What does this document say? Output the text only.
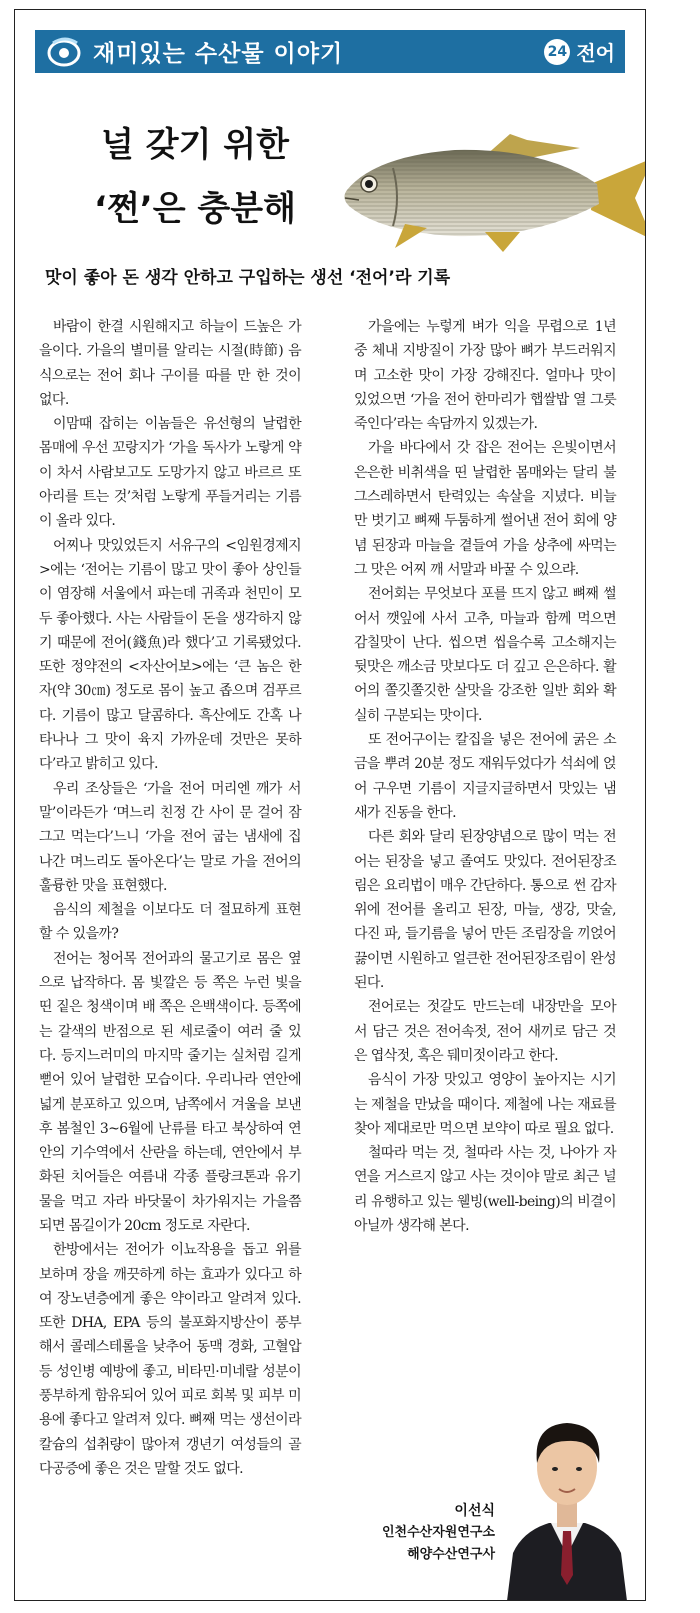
재미있는 수산물 이야기	24 전어
널 갖기 위한
‘쩐’은 충분해
맛이 좋아 돈 생각 안하고 구입하는 생선 ‘전어’라 기록

바람이 한결 시원해지고 하늘이 드높은 가을이다. 가을의 별미를 알리는 시절(時節) 음식으로는 전어 회나 구이를 따를 만 한 것이 없다.

이맘때 잡히는 이놈들은 유선형의 날렵한 몸매에 우선 꼬랑지가 ‘가을 독사가 노랗게 약이 차서 사람보고도 도망가지 않고 바르르 또아리를 트는 것’처럼 노랗게 푸들거리는 기름이 올라 있다.

어찌나 맛있었든지 서유구의 <임원경제지>에는 ‘전어는 기름이 많고 맛이 좋아 상인들이 염장해 서울에서 파는데 귀족과 천민이 모두 좋아했다. 사는 사람들이 돈을 생각하지 않기 때문에 전어(錢魚)라 했다’고 기록됐었다. 또한 정약전의 <자산어보>에는 ‘큰 놈은 한자(약 30㎝) 정도로 몸이 높고 좁으며 검푸르다. 기름이 많고 달콤하다. 흑산에도 간혹 나타나나 그 맛이 육지 가까운데 것만은 못하다’라고 밝히고 있다.

우리 조상들은 ‘가을 전어 머리엔 깨가 서말’이라든가 ‘며느리 친정 간 사이 문 걸어 잠그고 먹는다’느니 ‘가을 전어 굽는 냄새에 집나간 며느리도 돌아온다’는 말로 가을 전어의 훌륭한 맛을 표현했다.

음식의 제철을 이보다도 더 절묘하게 표현할 수 있을까?

전어는 청어목 전어과의 물고기로 몸은 옆으로 납작하다. 몸 빛깔은 등 쪽은 누런 빛을 띤 짙은 청색이며 배 쪽은 은백색이다. 등쪽에는 갈색의 반점으로 된 세로줄이 여러 줄 있다. 등지느러미의 마지막 줄기는 실처럼 길게 뻗어 있어 날렵한 모습이다. 우리나라 연안에 넓게 분포하고 있으며, 남쪽에서 겨울을 보낸 후 봄철인 3~6월에 난류를 타고 북상하여 연안의 기수역에서 산란을 하는데, 연안에서 부화된 치어들은 여름내 각종 플랑크톤과 유기물을 먹고 자라 바닷물이 차가워지는 가을쯤 되면 몸길이가 20cm 정도로 자란다.

한방에서는 전어가 이뇨작용을 돕고 위를 보하며 장을 깨끗하게 하는 효과가 있다고 하여 장노년층에게 좋은 약이라고 알려져 있다. 또한 DHA, EPA 등의 불포화지방산이 풍부해서 콜레스테롤을 낮추어 동맥 경화, 고혈압 등 성인병 예방에 좋고, 비타민·미네랄 성분이 풍부하게 함유되어 있어 피로 회복 및 피부 미용에 좋다고 알려져 있다. 뼈째 먹는 생선이라 칼슘의 섭취량이 많아져 갱년기 여성들의 골다공증에 좋은 것은 말할 것도 없다.

가을에는 누렇게 벼가 익을 무렵으로 1년 중 체내 지방질이 가장 많아 뼈가 부드러워지며 고소한 맛이 가장 강해진다. 얼마나 맛이 있었으면 ‘가을 전어 한마리가 햅쌀밥 열 그릇 죽인다’라는 속담까지 있겠는가.

가을 바다에서 갓 잡은 전어는 은빛이면서 은은한 비취색을 띤 날렵한 몸매와는 달리 불그스레하면서 탄력있는 속살을 지녔다. 비늘만 벗기고 뼈째 두툼하게 썰어낸 전어 회에 양념 된장과 마늘을 곁들여 가을 상추에 싸먹는 그 맛은 어찌 깨 서말과 바꿀 수 있으랴.

전어회는 무엇보다 포를 뜨지 않고 뼈째 썰어서 깻잎에 사서 고추, 마늘과 함께 먹으면 감칠맛이 난다. 씹으면 씹을수록 고소해지는 뒷맛은 깨소금 맛보다도 더 깊고 은은하다. 활어의 쫄깃쫄깃한 살맛을 강조한 일반 회와 확실히 구분되는 맛이다.

또 전어구이는 칼집을 넣은 전어에 굵은 소금을 뿌려 20분 정도 재워두었다가 석쇠에 얹어 구우면 기름이 지글지글하면서 맛있는 냄새가 진동을 한다.

다른 회와 달리 된장양념으로 많이 먹는 전어는 된장을 넣고 졸여도 맛있다. 전어된장조림은 요리법이 매우 간단하다. 통으로 썬 감자 위에 전어를 올리고 된장, 마늘, 생강, 맛술, 다진 파, 들기름을 넣어 만든 조림장을 끼얹어 끓이면 시원하고 얼큰한 전어된장조림이 완성된다.

전어로는 젓갈도 만드는데 내장만을 모아서 담근 것은 전어속젓, 전어 새끼로 담근 것은 엽삭젓, 혹은 뒈미젓이라고 한다.

음식이 가장 맛있고 영양이 높아지는 시기는 제철을 만났을 때이다. 제철에 나는 재료를 찾아 제대로만 먹으면 보약이 따로 필요 없다.

철따라 먹는 것, 철따라 사는 것, 나아가 자연을 거스르지 않고 사는 것이야 말로 최근 널리 유행하고 있는 웰빙(well-being)의 비결이 아닐까 생각해 본다.

이선식
인천수산자원연구소
해양수산연구사
